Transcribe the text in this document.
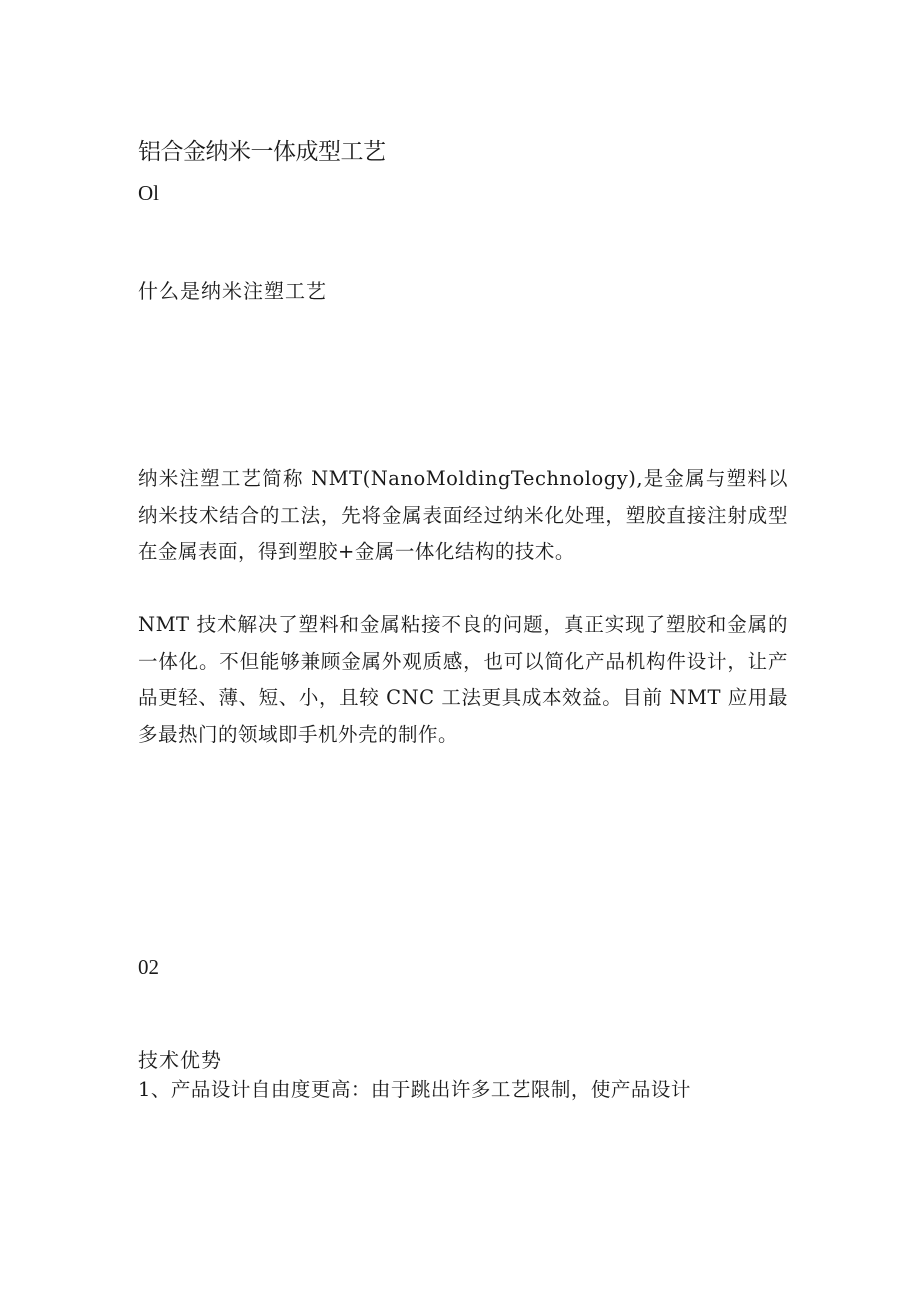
铝合金纳米一体成型工艺
Ol
什么是纳米注塑工艺

纳米注塑工艺简称 NMT(NanoMoldingTechnology),是金属与塑料以纳米技术结合的工法，先将金属表面经过纳米化处理，塑胶直接注射成型在金属表面，得到塑胶+金属一体化结构的技术。

NMT 技术解决了塑料和金属粘接不良的问题，真正实现了塑胶和金属的一体化。不但能够兼顾金属外观质感，也可以简化产品机构件设计，让产品更轻、薄、短、小，且较 CNC 工法更具成本效益。目前 NMT 应用最多最热门的领域即手机外壳的制作。

02
技术优势

1、产品设计自由度更高：由于跳出许多工艺限制，使产品设计
